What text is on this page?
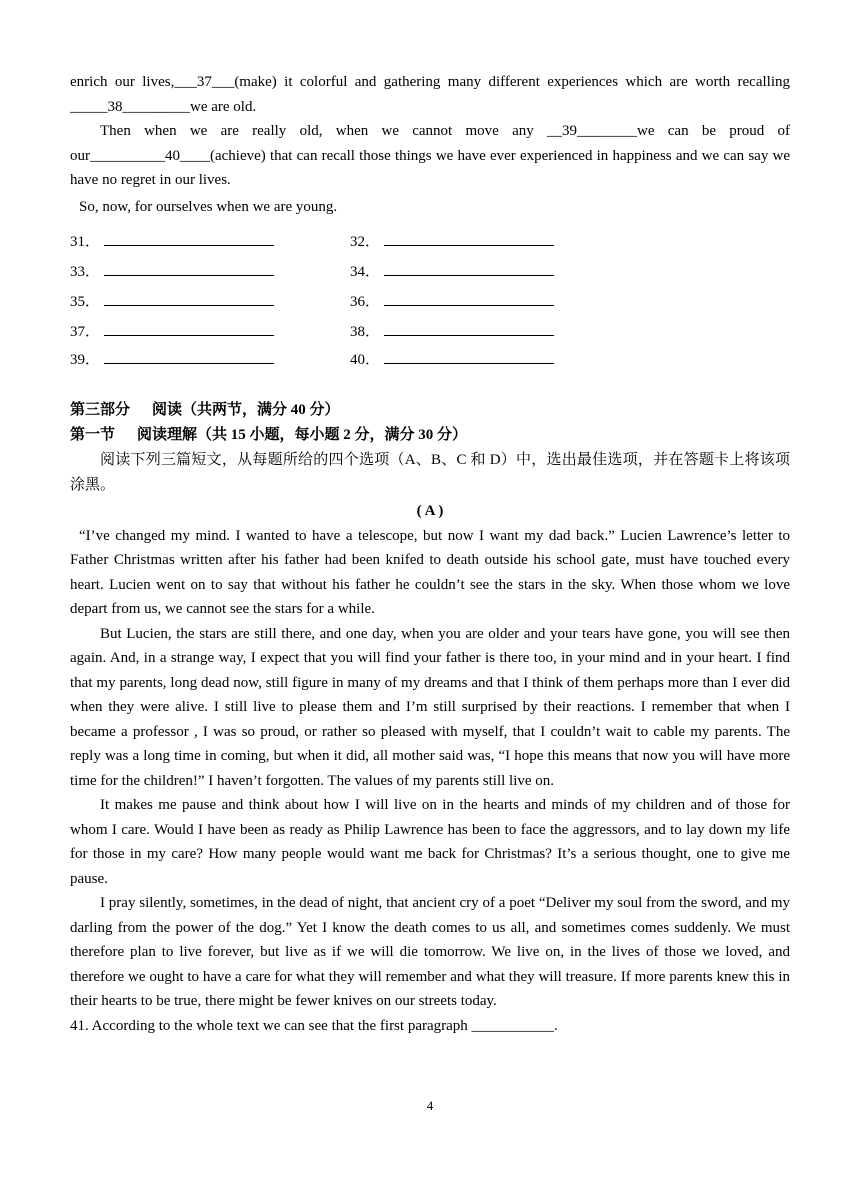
enrich our lives,___37___(make) it colorful and gathering many different experiences which are worth recalling _____38_________we are old.

Then when we are really old, when we cannot move any __39________we can be proud of our__________40____(achieve) that can recall those things we have ever experienced in happiness and we can say we have no regret in our lives.

So, now, for ourselves when we are young.

31．	32．
33．	34．
35．	36．
37．	38．
39．	40．
第三部分 阅读（共两节，满分 40 分）
第一节 阅读理解（共 15 小题，每小题 2 分，满分 30 分）

阅读下列三篇短文，从每题所给的四个选项（A、B、C 和 D）中，选出最佳选项，并在答题卡上将该项涂黑。

( A )

“I’ve changed my mind. I wanted to have a telescope, but now I want my dad back.” Lucien Lawrence’s letter to Father Christmas written after his father had been knifed to death outside his school gate, must have touched every heart. Lucien went on to say that without his father he couldn’t see the stars in the sky. When those whom we love depart from us, we cannot see the stars for a while.

But Lucien, the stars are still there, and one day, when you are older and your tears have gone, you will see then again. And, in a strange way, I expect that you will find your father is there too, in your mind and in your heart. I find that my parents, long dead now, still figure in many of my dreams and that I think of them perhaps more than I ever did when they were alive. I still live to please them and I’m still surprised by their reactions. I remember that when I became a professor , I was so proud, or rather so pleased with myself, that I couldn’t wait to cable my parents. The reply was a long time in coming, but when it did, all mother said was, “I hope this means that now you will have more time for the children!” I haven’t forgotten. The values of my parents still live on.

It makes me pause and think about how I will live on in the hearts and minds of my children and of those for whom I care. Would I have been as ready as Philip Lawrence has been to face the aggressors, and to lay down my life for those in my care? How many people would want me back for Christmas? It’s a serious thought, one to give me pause.

I pray silently, sometimes, in the dead of night, that ancient cry of a poet “Deliver my soul from the sword, and my darling from the power of the dog.” Yet I know the death comes to us all, and sometimes comes suddenly. We must therefore plan to live forever, but live as if we will die tomorrow. We live on, in the lives of those we loved, and therefore we ought to have a care for what they will remember and what they will treasure. If more parents knew this in their hearts to be true, there might be fewer knives on our streets today.

41. According to the whole text we can see that the first paragraph ___________.

4
